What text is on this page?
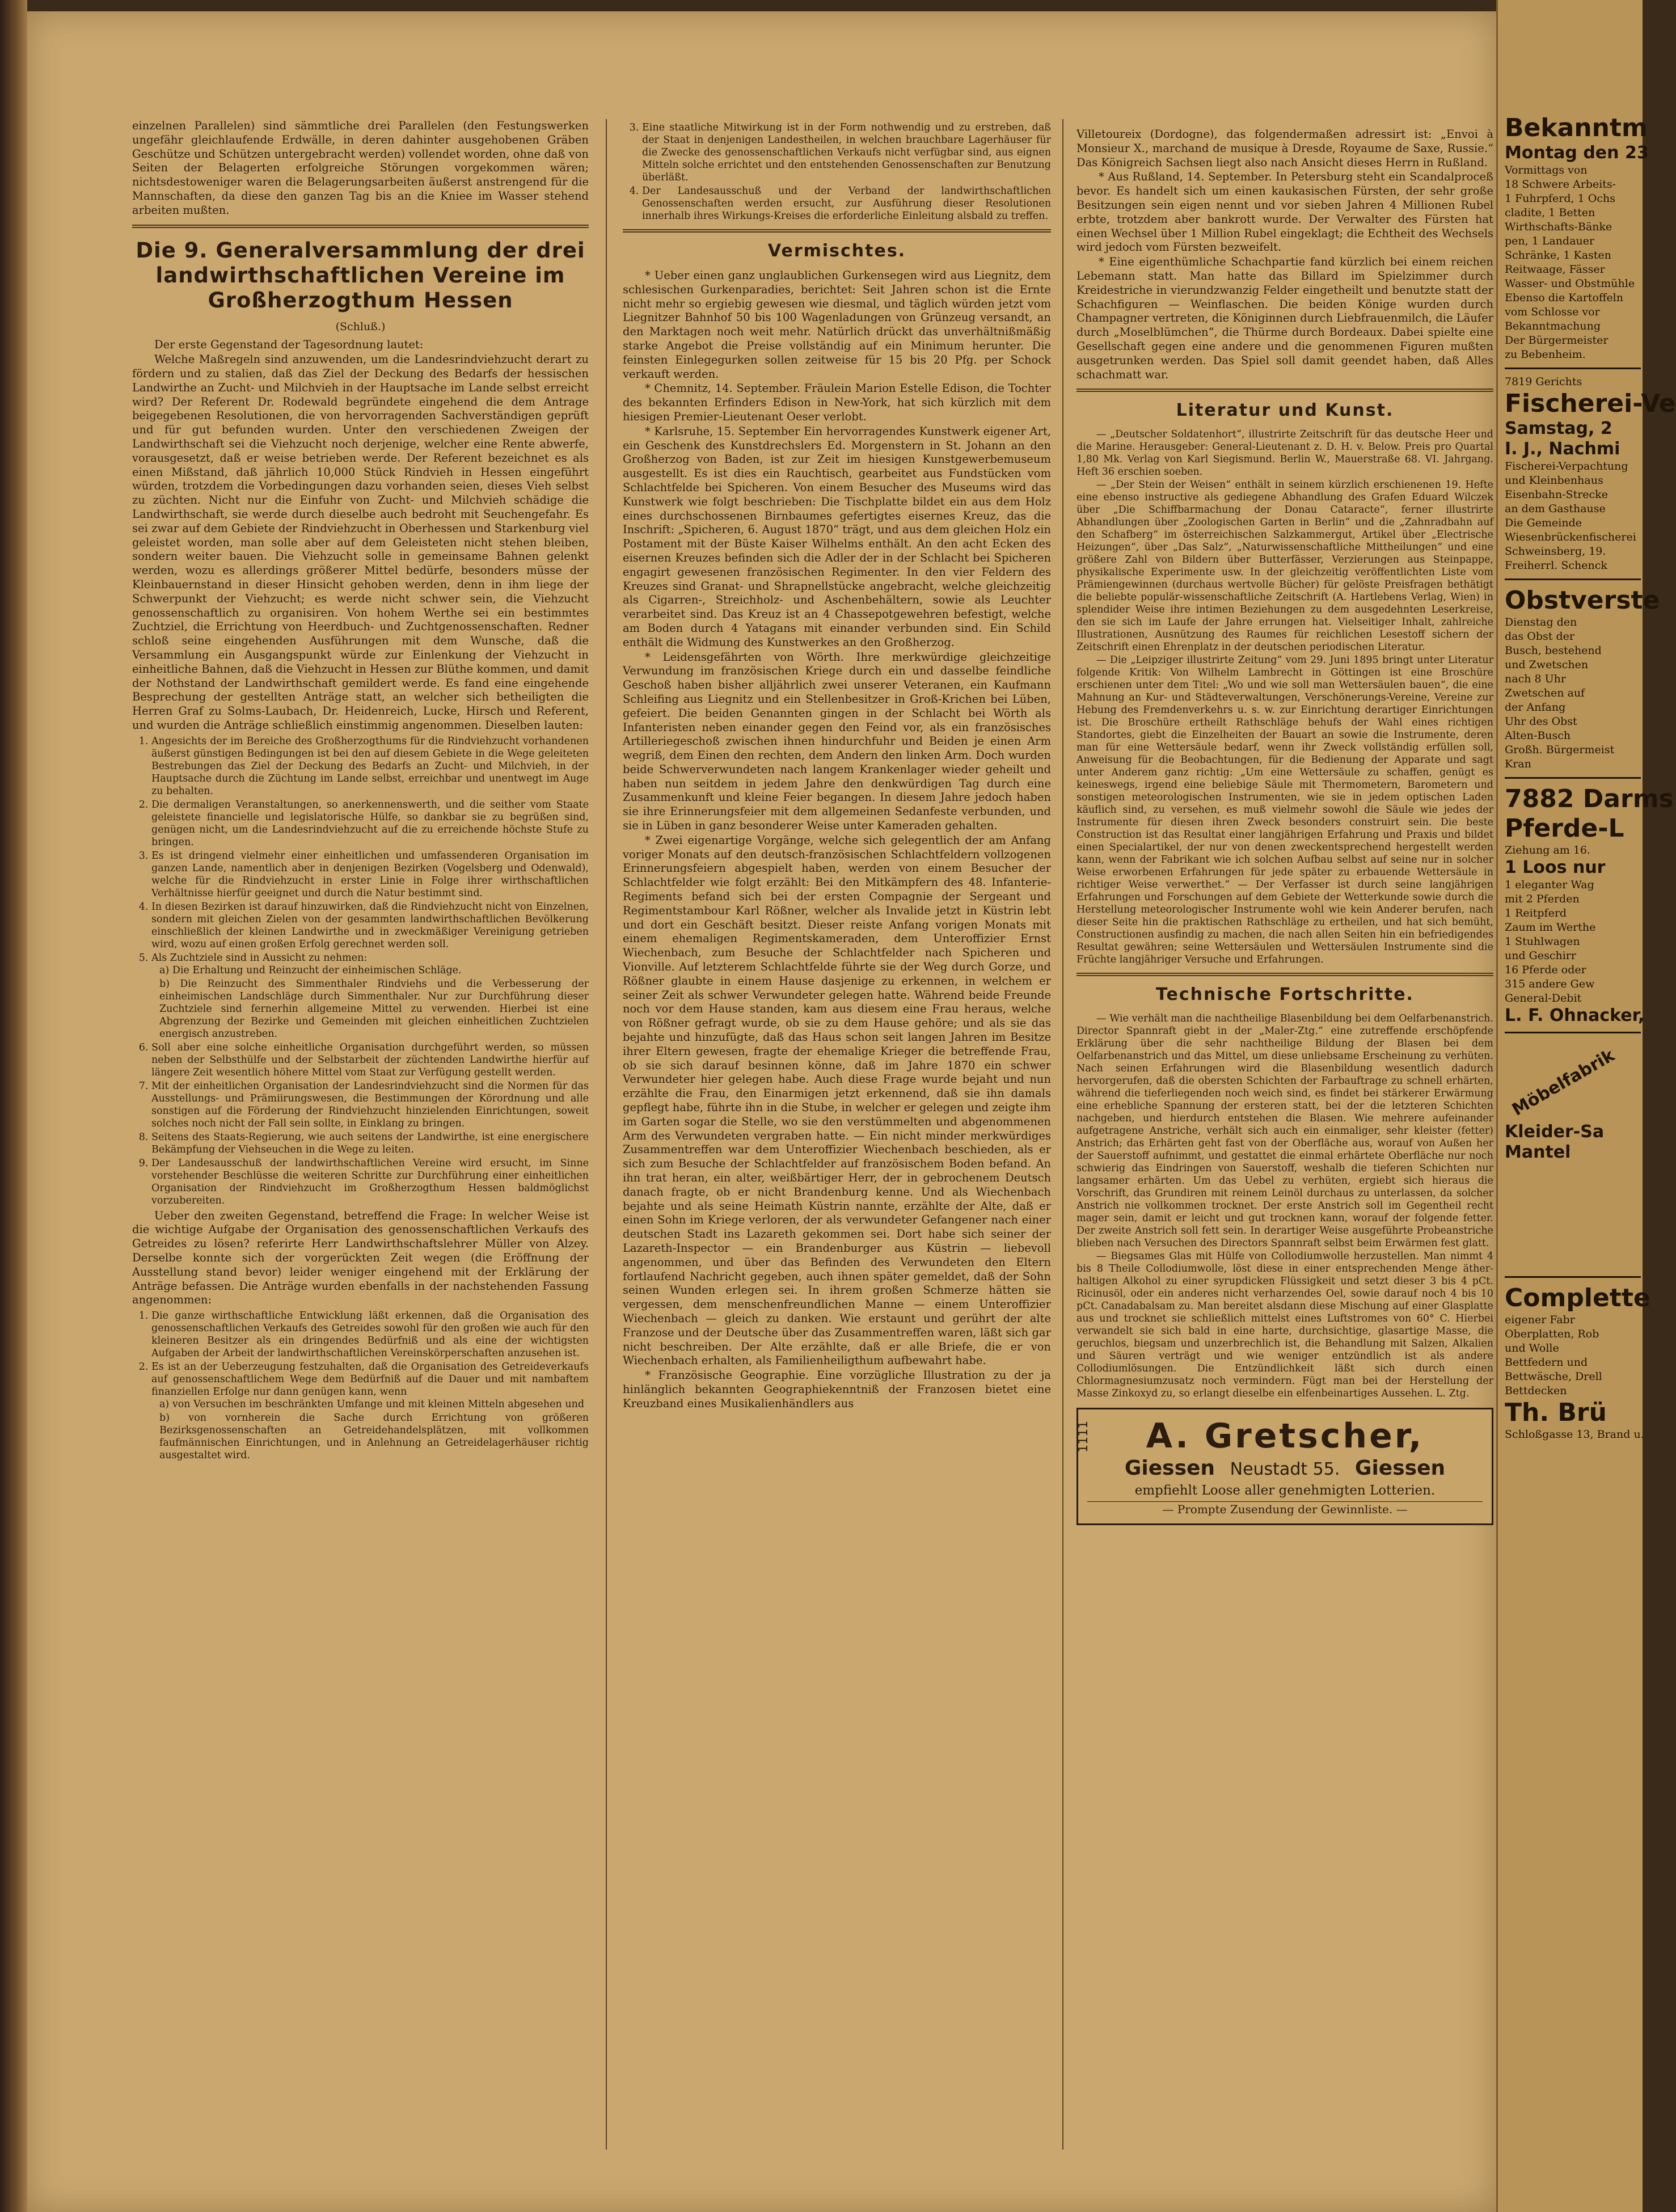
einzelnen Parallelen) sind sämmtliche drei Parallelen (den Festungswerken ungefähr gleichlaufende Erdwälle, in deren dahinter ausgehobenen Gräben Geschütze und Schützen untergebracht werden) vollendet worden, ohne daß von Seiten der Belagerten erfolgreiche Störungen vorgekommen wären; nichtsdestoweniger waren die Belagerungsarbeiten äußerst anstrengend für die Mannschaften, da diese den ganzen Tag bis an die Kniee im Wasser stehend arbeiten mußten.

Die 9. Generalversammlung der drei landwirthschaftlichen Vereine im Großherzogthum Hessen
(Schluß.)

Der erste Gegenstand der Tagesordnung lautet:

Welche Maßregeln sind anzuwenden, um die Landesrindviehzucht derart zu fördern und zu stalien, daß das Ziel der Deckung des Bedarfs der hessischen Landwirthe an Zucht- und Milchvieh in der Hauptsache im Lande selbst erreicht wird? Der Referent Dr. Rodewald begründete eingehend die dem Antrage beigegebenen Resolutionen, die von hervorragenden Sachverständigen geprüft und für gut befunden wurden. Unter den verschiedenen Zweigen der Landwirthschaft sei die Viehzucht noch derjenige, welcher eine Rente abwerfe, vorausgesetzt, daß er weise betrieben werde. Der Referent bezeichnet es als einen Mißstand, daß jährlich 10,000 Stück Rindvieh in Hessen eingeführt würden, trotzdem die Vorbedingungen dazu vorhanden seien, dieses Vieh selbst zu züchten. Nicht nur die Einfuhr von Zucht- und Milchvieh schädige die Landwirthschaft, sie werde durch dieselbe auch bedroht mit Seuchengefahr. Es sei zwar auf dem Gebiete der Rindviehzucht in Oberhessen und Starkenburg viel geleistet worden, man solle aber auf dem Geleisteten nicht stehen bleiben, sondern weiter bauen. Die Viehzucht solle in gemeinsame Bahnen gelenkt werden, wozu es allerdings größerer Mittel bedürfe, besonders müsse der Kleinbauernstand in dieser Hinsicht gehoben werden, denn in ihm liege der Schwerpunkt der Viehzucht; es werde nicht schwer sein, die Viehzucht genossenschaftlich zu organisiren. Von hohem Werthe sei ein bestimmtes Zuchtziel, die Errichtung von Heerdbuch- und Zuchtgenossenschaften. Redner schloß seine eingehenden Ausführungen mit dem Wunsche, daß die Versammlung ein Ausgangspunkt würde zur Einlenkung der Viehzucht in einheitliche Bahnen, daß die Viehzucht in Hessen zur Blüthe kommen, und damit der Nothstand der Landwirthschaft gemildert werde. Es fand eine eingehende Besprechung der gestellten Anträge statt, an welcher sich betheiligten die Herren Graf zu Solms-Laubach, Dr. Heidenreich, Lucke, Hirsch und Referent, und wurden die Anträge schließlich einstimmig angenommen. Dieselben lauten:

1. Angesichts der im Bereiche des Großherzogthums für die Rindviehzucht vorhandenen äußerst günstigen Bedingungen ist bei den auf diesem Gebiete in die Wege geleiteten Bestrebungen das Ziel der Deckung des Bedarfs an Zucht- und Milchvieh, in der Hauptsache durch die Züchtung im Lande selbst, erreichbar und unentwegt im Auge zu behalten.
2. Die dermaligen Veranstaltungen, so anerkennenswerth, und die seither vom Staate geleistete financielle und legislatorische Hülfe, so dankbar sie zu begrüßen sind, genügen nicht, um die Landesrindviehzucht auf die zu erreichende höchste Stufe zu bringen.
3. Es ist dringend vielmehr einer einheitlichen und umfassenderen Organisation im ganzen Lande, namentlich aber in denjenigen Bezirken (Vogelsberg und Odenwald), welche für die Rindviehzucht in erster Linie in Folge ihrer wirthschaftlichen Verhältnisse hierfür geeignet und durch die Natur bestimmt sind.
4. In diesen Bezirken ist darauf hinzuwirken, daß die Rindviehzucht nicht von Einzelnen, sondern mit gleichen Zielen von der gesammten landwirthschaftlichen Bevölkerung einschließlich der kleinen Landwirthe und in zweckmäßiger Vereinigung getrieben wird, wozu auf einen großen Erfolg gerechnet werden soll.
5. Als Zuchtziele sind in Aussicht zu nehmen:
a) Die Erhaltung und Reinzucht der einheimischen Schläge.
b) Die Reinzucht des Simmenthaler Rindviehs und die Verbesserung der einheimischen Landschläge durch Simmenthaler. Nur zur Durchführung dieser Zuchtziele sind fernerhin allgemeine Mittel zu verwenden. Hierbei ist eine Abgrenzung der Bezirke und Gemeinden mit gleichen einheitlichen Zuchtzielen energisch anzustreben.
6. Soll aber eine solche einheitliche Organisation durchgeführt werden, so müssen neben der Selbsthülfe und der Selbstarbeit der züchtenden Landwirthe hierfür auf längere Zeit wesentlich höhere Mittel vom Staat zur Verfügung gestellt werden.
7. Mit der einheitlichen Organisation der Landesrindviehzucht sind die Normen für das Ausstellungs- und Prämiirungswesen, die Bestimmungen der Körordnung und alle sonstigen auf die Förderung der Rindviehzucht hinzielenden Einrichtungen, soweit solches noch nicht der Fall sein sollte, in Einklang zu bringen.
8. Seitens des Staats-Regierung, wie auch seitens der Landwirthe, ist eine energischere Bekämpfung der Viehseuchen in die Wege zu leiten.
9. Der Landesausschuß der landwirthschaftlichen Vereine wird ersucht, im Sinne vorstehender Beschlüsse die weiteren Schritte zur Durchführung einer einheitlichen Organisation der Rindviehzucht im Großherzogthum Hessen baldmöglichst vorzubereiten.

Ueber den zweiten Gegenstand, betreffend die Frage: In welcher Weise ist die wichtige Aufgabe der Organisation des genossenschaftlichen Verkaufs des Getreides zu lösen? referirte Herr Landwirthschaftslehrer Müller von Alzey. Derselbe konnte sich der vorgerückten Zeit wegen (die Eröffnung der Ausstellung stand bevor) leider weniger eingehend mit der Erklärung der Anträge befassen. Die Anträge wurden ebenfalls in der nachstehenden Fassung angenommen:

1. Die ganze wirthschaftliche Entwicklung läßt erkennen, daß die Organisation des genossenschaftlichen Verkaufs des Getreides sowohl für den großen wie auch für den kleineren Besitzer als ein dringendes Bedürfniß und als eine der wichtigsten Aufgaben der Arbeit der landwirthschaftlichen Vereinskörperschaften anzusehen ist.
2. Es ist an der Ueberzeugung festzuhalten, daß die Organisation des Getreideverkaufs auf genossenschaftlichem Wege dem Bedürfniß auf die Dauer und mit nambaftem finanziellen Erfolge nur dann genügen kann, wenn
a) von Versuchen im beschränkten Umfange und mit kleinen Mitteln abgesehen und
b) von vornherein die Sache durch Errichtung von größeren Bezirksgenossenschaften an Getreidehandelsplätzen, mit vollkommen faufmännischen Einrichtungen, und in Anlehnung an Getreidelagerhäuser richtig ausgestaltet wird.
3. Eine staatliche Mitwirkung ist in der Form nothwendig und zu erstreben, daß der Staat in denjenigen Landestheilen, in welchen brauchbare Lagerhäuser für die Zwecke des genossenschaftlichen Verkaufs nicht verfügbar sind, aus eignen Mitteln solche errichtet und den entstehenden Genossenschaften zur Benutzung überläßt.
4. Der Landesausschuß und der Verband der landwirthschaftlichen Genossenschaften werden ersucht, zur Ausführung dieser Resolutionen innerhalb ihres Wirkungs-Kreises die erforderliche Einleitung alsbald zu treffen.
Vermischtes.

* Ueber einen ganz unglaublichen Gurkensegen wird aus Liegnitz, dem schlesischen Gurkenparadies, berichtet: Seit Jahren schon ist die Ernte nicht mehr so ergiebig gewesen wie diesmal, und täglich würden jetzt vom Liegnitzer Bahnhof 50 bis 100 Wagenladungen von Grünzeug versandt, an den Marktagen noch weit mehr. Natürlich drückt das unverhältnißmäßig starke Angebot die Preise vollständig auf ein Minimum herunter. Die feinsten Einlegegurken sollen zeitweise für 15 bis 20 Pfg. per Schock verkauft werden.

* Chemnitz, 14. September. Fräulein Marion Estelle Edison, die Tochter des bekannten Erfinders Edison in New-York, hat sich kürzlich mit dem hiesigen Premier-Lieutenant Oeser verlobt.

* Karlsruhe, 15. September Ein hervorragendes Kunstwerk eigener Art, ein Geschenk des Kunstdrechslers Ed. Morgenstern in St. Johann an den Großherzog von Baden, ist zur Zeit im hiesigen Kunstgewerbemuseum ausgestellt. Es ist dies ein Rauchtisch, gearbeitet aus Fundstücken vom Schlachtfelde bei Spicheren. Von einem Besucher des Museums wird das Kunstwerk wie folgt beschrieben: Die Tischplatte bildet ein aus dem Holz eines durchschossenen Birnbaumes gefertigtes eisernes Kreuz, das die Inschrift: „Spicheren, 6. August 1870“ trägt, und aus dem gleichen Holz ein Postament mit der Büste Kaiser Wilhelms enthält. An den acht Ecken des eisernen Kreuzes befinden sich die Adler der in der Schlacht bei Spicheren engagirt gewesenen französischen Regimenter. In den vier Feldern des Kreuzes sind Granat- und Shrapnellstücke angebracht, welche gleichzeitig als Cigarren-, Streichholz- und Aschenbehältern, sowie als Leuchter verarbeitet sind. Das Kreuz ist an 4 Chassepotgewehren befestigt, welche am Boden durch 4 Yatagans mit einander verbunden sind. Ein Schild enthält die Widmung des Kunstwerkes an den Großherzog.

* Leidensgefährten von Wörth. Ihre merkwürdige gleichzeitige Verwundung im französischen Kriege durch ein und dasselbe feindliche Geschoß haben bisher alljährlich zwei unserer Veteranen, ein Kaufmann Schleifing aus Liegnitz und ein Stellenbesitzer in Groß-Krichen bei Lüben, gefeiert. Die beiden Genannten gingen in der Schlacht bei Wörth als Infanteristen neben einander gegen den Feind vor, als ein französisches Artilleriegeschoß zwischen ihnen hindurchfuhr und Beiden je einen Arm wegriß, dem Einen den rechten, dem Andern den linken Arm. Doch wurden beide Schwerverwundeten nach langem Krankenlager wieder geheilt und haben nun seitdem in jedem Jahre den denkwürdigen Tag durch eine Zusammenkunft und kleine Feier begangen. In diesem Jahre jedoch haben sie ihre Erinnerungsfeier mit dem allgemeinen Sedanfeste verbunden, und sie in Lüben in ganz besonderer Weise unter Kameraden gehalten.

* Zwei eigenartige Vorgänge, welche sich gelegentlich der am Anfang voriger Monats auf den deutsch-französischen Schlachtfeldern vollzogenen Erinnerungsfeiern abgespielt haben, werden von einem Besucher der Schlachtfelder wie folgt erzählt: Bei den Mitkämpfern des 48. Infanterie-Regiments befand sich bei der ersten Compagnie der Sergeant und Regimentstambour Karl Rößner, welcher als Invalide jetzt in Küstrin lebt und dort ein Geschäft besitzt. Dieser reiste Anfang vorigen Monats mit einem ehemaligen Regimentskameraden, dem Unteroffizier Ernst Wiechenbach, zum Besuche der Schlachtfelder nach Spicheren und Vionville. Auf letzterem Schlachtfelde führte sie der Weg durch Gorze, und Rößner glaubte in einem Hause dasjenige zu erkennen, in welchem er seiner Zeit als schwer Verwundeter gelegen hatte. Während beide Freunde noch vor dem Hause standen, kam aus diesem eine Frau heraus, welche von Rößner gefragt wurde, ob sie zu dem Hause gehöre; und als sie das bejahte und hinzufügte, daß das Haus schon seit langen Jahren im Besitze ihrer Eltern gewesen, fragte der ehemalige Krieger die betreffende Frau, ob sie sich darauf besinnen könne, daß im Jahre 1870 ein schwer Verwundeter hier gelegen habe. Auch diese Frage wurde bejaht und nun erzählte die Frau, den Einarmigen jetzt erkennend, daß sie ihn damals gepflegt habe, führte ihn in die Stube, in welcher er gelegen und zeigte ihm im Garten sogar die Stelle, wo sie den verstümmelten und abgenommenen Arm des Verwundeten vergraben hatte. — Ein nicht minder merkwürdiges Zusammentreffen war dem Unteroffizier Wiechenbach beschieden, als er sich zum Besuche der Schlachtfelder auf französischem Boden befand. An ihn trat heran, ein alter, weißbärtiger Herr, der in gebrochenem Deutsch danach fragte, ob er nicht Brandenburg kenne. Und als Wiechenbach bejahte und als seine Heimath Küstrin nannte, erzählte der Alte, daß er einen Sohn im Kriege verloren, der als verwundeter Gefangener nach einer deutschen Stadt ins Lazareth gekommen sei. Dort habe sich seiner der Lazareth-Inspector — ein Brandenburger aus Küstrin — liebevoll angenommen, und über das Befinden des Verwundeten den Eltern fortlaufend Nachricht gegeben, auch ihnen später gemeldet, daß der Sohn seinen Wunden erlegen sei. In ihrem großen Schmerze hätten sie vergessen, dem menschenfreundlichen Manne — einem Unteroffizier Wiechenbach — gleich zu danken. Wie erstaunt und gerührt der alte Franzose und der Deutsche über das Zusammentreffen waren, läßt sich gar nicht beschreiben. Der Alte erzählte, daß er alle Briefe, die er von Wiechenbach erhalten, als Familienheiligthum aufbewahrt habe.

* Französische Geographie. Eine vorzügliche Illustration zu der ja hinlänglich bekannten Geographiekenntniß der Franzosen bietet eine Kreuzband eines Musikalienhändlers aus

Villetoureix (Dordogne), das folgendermaßen adressirt ist: „Envoi à Monsieur X., marchand de musique à Dresde, Royaume de Saxe, Russie.“ Das Königreich Sachsen liegt also nach Ansicht dieses Herrn in Rußland.

* Aus Rußland, 14. September. In Petersburg steht ein Scandalproceß bevor. Es handelt sich um einen kaukasischen Fürsten, der sehr große Besitzungen sein eigen nennt und vor sieben Jahren 4 Millionen Rubel erbte, trotzdem aber bankrott wurde. Der Verwalter des Fürsten hat einen Wechsel über 1 Million Rubel eingeklagt; die Echtheit des Wechsels wird jedoch vom Fürsten bezweifelt.

* Eine eigenthümliche Schachpartie fand kürzlich bei einem reichen Lebemann statt. Man hatte das Billard im Spielzimmer durch Kreidestriche in vierundzwanzig Felder eingetheilt und benutzte statt der Schachfiguren — Weinflaschen. Die beiden Könige wurden durch Champagner vertreten, die Königinnen durch Liebfrauenmilch, die Läufer durch „Moselblümchen“, die Thürme durch Bordeaux. Dabei spielte eine Gesellschaft gegen eine andere und die genommenen Figuren mußten ausgetrunken werden. Das Spiel soll damit geendet haben, daß Alles schachmatt war.

Literatur und Kunst.

— „Deutscher Soldatenhort“, illustrirte Zeitschrift für das deutsche Heer und die Marine. Herausgeber: General-Lieutenant z. D. H. v. Below. Preis pro Quartal 1,80 Mk. Verlag von Karl Siegismund. Berlin W., Mauerstraße 68. VI. Jahrgang. Heft 36 erschien soeben.

— „Der Stein der Weisen“ enthält in seinem kürzlich erschienenen 19. Hefte eine ebenso instructive als gediegene Abhandlung des Grafen Eduard Wilczek über „Die Schiffbarmachung der Donau Cataracte“, ferner illustrirte Abhandlungen über „Zoologischen Garten in Berlin“ und die „Zahnradbahn auf den Schafberg“ im österreichischen Salzkammergut, Artikel über „Electrische Heizungen“, über „Das Salz“, „Naturwissenschaftliche Mittheilungen“ und eine größere Zahl von Bildern über Butterfässer, Verzierungen aus Steinpappe, physikalische Experimente usw. In der gleichzeitig veröffentlichten Liste vom Prämiengewinnen (durchaus wertvolle Bücher) für gelöste Preisfragen bethätigt die beliebte populär-wissenschaftliche Zeitschrift (A. Hartlebens Verlag, Wien) in splendider Weise ihre intimen Beziehungen zu dem ausgedehnten Leserkreise, den sie sich im Laufe der Jahre errungen hat. Vielseitiger Inhalt, zahlreiche Illustrationen, Ausnützung des Raumes für reichlichen Lesestoff sichern der Zeitschrift einen Ehrenplatz in der deutschen periodischen Literatur.

— Die „Leipziger illustrirte Zeitung“ vom 29. Juni 1895 bringt unter Literatur folgende Kritik: Von Wilhelm Lambrecht in Göttingen ist eine Broschüre erschienen unter dem Titel: „Wo und wie soll man Wettersäulen bauen“, die eine Mahnung an Kur- und Städteverwaltungen, Verschönerungs-Vereine, Vereine zur Hebung des Fremdenverkehrs u. s. w. zur Einrichtung derartiger Einrichtungen ist. Die Broschüre ertheilt Rathschläge behufs der Wahl eines richtigen Standortes, giebt die Einzelheiten der Bauart an sowie die Instrumente, deren man für eine Wettersäule bedarf, wenn ihr Zweck vollständig erfüllen soll, Anweisung für die Beobachtungen, für die Bedienung der Apparate und sagt unter Anderem ganz richtig: „Um eine Wettersäule zu schaffen, genügt es keineswegs, irgend eine beliebige Säule mit Thermometern, Barometern und sonstigen meteorologischen Instrumenten, wie sie in jedem optischen Laden käuflich sind, zu versehen, es muß vielmehr sowohl die Säule wie jedes der Instrumente für diesen ihren Zweck besonders construirt sein. Die beste Construction ist das Resultat einer langjährigen Erfahrung und Praxis und bildet einen Specialartikel, der nur von denen zweckentsprechend hergestellt werden kann, wenn der Fabrikant wie ich solchen Aufbau selbst auf seine nur in solcher Weise erworbenen Erfahrungen für jede später zu erbauende Wettersäule in richtiger Weise verwerthet.“ — Der Verfasser ist durch seine langjährigen Erfahrungen und Forschungen auf dem Gebiete der Wetterkunde sowie durch die Herstellung meteorologischer Instrumente wohl wie kein Anderer berufen, nach dieser Seite hin die praktischen Rathschläge zu ertheilen, und hat sich bemüht, Constructionen ausfindig zu machen, die nach allen Seiten hin ein befriedigendes Resultat gewähren; seine Wettersäulen und Wettersäulen Instrumente sind die Früchte langjähriger Versuche und Erfahrungen.

Technische Fortschritte.

— Wie verhält man die nachtheilige Blasenbildung bei dem Oelfarbenanstrich. Director Spannraft giebt in der „Maler-Ztg.“ eine zutreffende erschöpfende Erklärung über die sehr nachtheilige Bildung der Blasen bei dem Oelfarbenanstrich und das Mittel, um diese unliebsame Erscheinung zu verhüten. Nach seinen Erfahrungen wird die Blasenbildung wesentlich dadurch hervorgerufen, daß die obersten Schichten der Farbauftrage zu schnell erhärten, während die tieferliegenden noch weich sind, es findet bei stärkerer Erwärmung eine erhebliche Spannung der ersteren statt, bei der die letzteren Schichten nachgeben, und hierdurch entstehen die Blasen. Wie mehrere aufeinander aufgetragene Anstriche, verhält sich auch ein einmaliger, sehr kleister (fetter) Anstrich; das Erhärten geht fast von der Oberfläche aus, worauf von Außen her der Sauerstoff aufnimmt, und gestattet die einmal erhärtete Oberfläche nur noch schwierig das Eindringen von Sauerstoff, weshalb die tieferen Schichten nur langsamer erhärten. Um das Uebel zu verhüten, ergiebt sich hieraus die Vorschrift, das Grundiren mit reinem Leinöl durchaus zu unterlassen, da solcher Anstrich nie vollkommen trocknet. Der erste Anstrich soll im Gegentheil recht mager sein, damit er leicht und gut trocknen kann, worauf der folgende fetter. Der zweite Anstrich soll fett sein. In derartiger Weise ausgeführte Probeanstriche blieben nach Versuchen des Directors Spannraft selbst beim Erwärmen fest glatt.

— Biegsames Glas mit Hülfe von Collodiumwolle herzustellen. Man nimmt 4 bis 8 Theile Collodiumwolle, löst diese in einer entsprechenden Menge äther-haltigen Alkohol zu einer syrupdicken Flüssigkeit und setzt dieser 3 bis 4 pCt. Ricinusöl, oder ein anderes nicht verharzendes Oel, sowie darauf noch 4 bis 10 pCt. Canadabalsam zu. Man bereitet alsdann diese Mischung auf einer Glasplatte aus und trocknet sie schließlich mittelst eines Luftstromes von 60° C. Hierbei verwandelt sie sich bald in eine harte, durchsichtige, glasartige Masse, die geruchlos, biegsam und unzerbrechlich ist, die Behandlung mit Salzen, Alkalien und Säuren verträgt und wie weniger entzündlich ist als andere Collodiumlösungen. Die Entzündlichkeit läßt sich durch einen Chlormagnesiumzusatz noch vermindern. Fügt man bei der Herstellung der Masse Zinkoxyd zu, so erlangt dieselbe ein elfenbeinartiges Aussehen. L. Ztg.

1111	A. Gretscher,
Giessen Neustadt 55. Giessen
empfiehlt Loose aller genehmigten Lotterien.
— Prompte Zusendung der Gewinnliste. —
Bekanntm
Montag den 23
Vormittags von
18 Schwere Arbeits-
1 Fuhrpferd, 1 Ochs
cladite, 1 Betten
Wirthschafts-Bänke
pen, 1 Landauer
Schränke, 1 Kasten
Reitwaage, Fässer
Wasser- und Obstmühle
Ebenso die Kartoffeln
vom Schlosse vor
Bekanntmachung
Der Bürgermeister
zu Bebenheim.
7819 Gerichts
Fischerei-Ve
Samstag, 2
I. J., Nachmi
Fischerei-Verpachtung
und Kleinbenhaus
Eisenbahn-Strecke
an dem Gasthause
Die Gemeinde
Wiesenbrückenfischerei
Schweinsberg, 19.
Freiherrl. Schenck
Obstverste
Dienstag den
das Obst der
Busch, bestehend
und Zwetschen
nach 8 Uhr
Zwetschen auf
der Anfang
Uhr des Obst
Alten-Busch
Großh. Bürgermeist
Kran
7882 Darms
Pferde-L
Ziehung am 16.
1 Loos nur
1 eleganter Wag
mit 2 Pferden
1 Reitpferd
Zaum im Werthe
1 Stuhlwagen
und Geschirr
16 Pferde oder
315 andere Gew
General-Debit
L. F. Ohnacker,
Möbelfabrik
Kleider-Sa
Mantel
Complette
eigener Fabr
Oberplatten, Rob
und Wolle
Bettfedern und
Bettwäsche, Drell
Bettdecken
Th. Brü
Schloßgasse 13, Brand u.
